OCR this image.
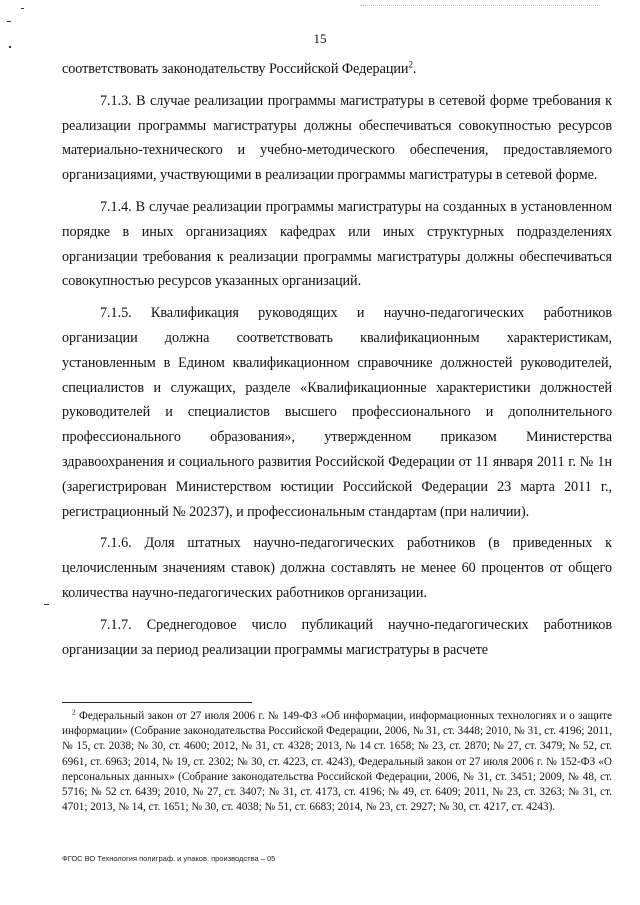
15

соответствовать законодательству Российской Федерации$^2$.

7.1.3. В случае реализации программы магистратуры в сетевой форме требования к реализации программы магистратуры должны обеспечиваться совокупностью ресурсов материально-технического и учебно-методического обеспечения, предоставляемого организациями, участвующими в реализации программы магистратуры в сетевой форме.

7.1.4. В случае реализации программы магистратуры на созданных в установленном порядке в иных организациях кафедрах или иных структурных подразделениях организации требования к реализации программы магистратуры должны обеспечиваться совокупностью ресурсов указанных организаций.

7.1.5. Квалификация руководящих и научно-педагогических работников организации должна соответствовать квалификационным характеристикам, установленным в Едином квалификационном справочнике должностей руководителей, специалистов и служащих, разделе «Квалификационные характеристики должностей руководителей и специалистов высшего профессионального и дополнительного профессионального образования», утвержденном приказом Министерства здравоохранения и социального развития Российской Федерации от 11 января 2011 г. № 1н (зарегистрирован Министерством юстиции Российской Федерации 23 марта 2011 г., регистрационный № 20237), и профессиональным стандартам (при наличии).

7.1.6. Доля штатных научно-педагогических работников (в приведенных к целочисленным значениям ставок) должна составлять не менее 60 процентов от общего количества научно-педагогических работников организации.

7.1.7. Среднегодовое число публикаций научно-педагогических работников организации за период реализации программы магистратуры в расчете

$^2$ Федеральный закон от 27 июля 2006 г. № 149-ФЗ «Об информации, информационных технологиях и о защите информации» (Собрание законодательства Российской Федерации, 2006, № 31, ст. 3448; 2010, № 31, ст. 4196; 2011, № 15, ст. 2038; № 30, ст. 4600; 2012, № 31, ст. 4328; 2013, № 14 ст. 1658; № 23, ст. 2870; № 27, ст. 3479; № 52, ст. 6961, ст. 6963; 2014, № 19, ст. 2302; № 30, ст. 4223, ст. 4243), Федеральный закон от 27 июля 2006 г. № 152-ФЗ «О персональных данных» (Собрание законодательства Российской Федерации, 2006, № 31, ст. 3451; 2009, № 48, ст. 5716; № 52 ст. 6439; 2010, № 27, ст. 3407; № 31, ст. 4173, ст. 4196; № 49, ст. 6409; 2011, № 23, ст. 3263; № 31, ст. 4701; 2013, № 14, ст. 1651; № 30, ст. 4038; № 51, ст. 6683; 2014, № 23, ст. 2927; № 30, ст. 4217, ст. 4243).
ФГОС ВО Технология полиграф. и упаков. производства – 05
